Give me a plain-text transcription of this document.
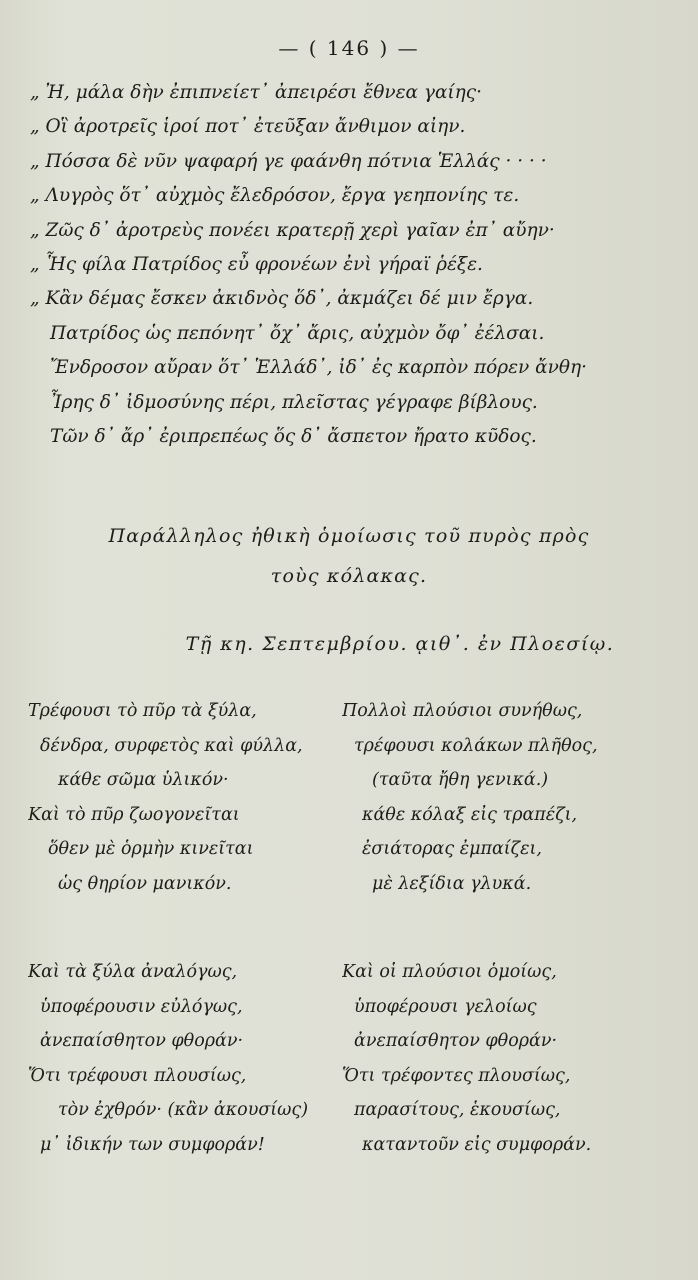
— ( 146 ) —
„ Ἠ, μάλα δὴν ἐπιπνείετ᾽ ἀπειρέσι ἔθνεα γαίης·
„ Οἳ ἀροτρεῖς ἱροί ποτ᾽ ἐτεῦξαν ἄνθιμον αἰην.
„ Πόσσα δὲ νῦν ψαφαρή γε φαάνθη πότνια Ἑλλάς · · · ·
„ Λυγρὸς ὅτ᾽ αὐχμὸς ἔλεδρόσον, ἔργα γεηπονίης τε.
„ Ζῶς δ᾽ ἀροτρεὺς πονέει κρατερῇ χερὶ γαῖαν ἐπ᾽ αὔην·
„ Ἧς φίλα Πατρίδος εὖ φρονέων ἐνὶ γήραϊ ῥέξε.
„ Κἂν δέμας ἔσκεν ἀκιδνὸς ὅδ᾽, ἀκμάζει δέ μιν ἔργα.
Πατρίδος ὡς πεπόνητ᾽ ὄχ᾽ ἄρις, αὐχμὸν ὄφ᾽ ἐέλσαι.
Ἔνδροσον αὔραν ὅτ᾽ Ἑλλάδ᾽, ἰδ᾽ ἐς καρπὸν πόρεν ἄνθη·
Ἶρης δ᾽ ἰδμοσύνης πέρι, πλεῖστας γέγραφε βίβλους.
Τῶν δ᾽ ἄρ᾽ ἐριπρεπέως ὅς δ᾽ ἄσπετον ἤρατο κῦδος.
Παράλληλος ἠθικὴ ὁμοίωσις τοῦ πυρὸς πρὸς
τοὺς κόλακας.
Τῇ κη. Σεπτεμβρίου. ᾳιθ᾽. ἐν Πλοεσίῳ.
Τρέφουσι τὸ πῦρ τὰ ξύλα,
δένδρα, συρφετὸς καὶ φύλλα,
κάθε σῶμα ὑλικόν·
Καὶ τὸ πῦρ ζωογονεῖται
ὅθεν μὲ ὁρμὴν κινεῖται
ὡς θηρίον μανικόν.
Πολλοὶ πλούσιοι συνήθως,
τρέφουσι κολάκων πλῆθος,
(ταῦτα ἤθη γενικά.)
κάθε κόλαξ εἰς τραπέζι,
ἐσιάτορας ἐμπαίζει,
μὲ λεξίδια γλυκά.
Καὶ τὰ ξύλα ἀναλόγως,
ὑποφέρουσιν εὐλόγως,
ἀνεπαίσθητον φθοράν·
Ὅτι τρέφουσι πλουσίως,
τὸν ἐχθρόν· (κἂν ἀκουσίως)
μ᾽ ἰδικήν των συμφοράν!
Καὶ οἱ πλούσιοι ὁμοίως,
ὑποφέρουσι γελοίως
ἀνεπαίσθητον φθοράν·
Ὅτι τρέφοντες πλουσίως,
παρασίτους, ἑκουσίως,
καταντοῦν εἰς συμφοράν.
